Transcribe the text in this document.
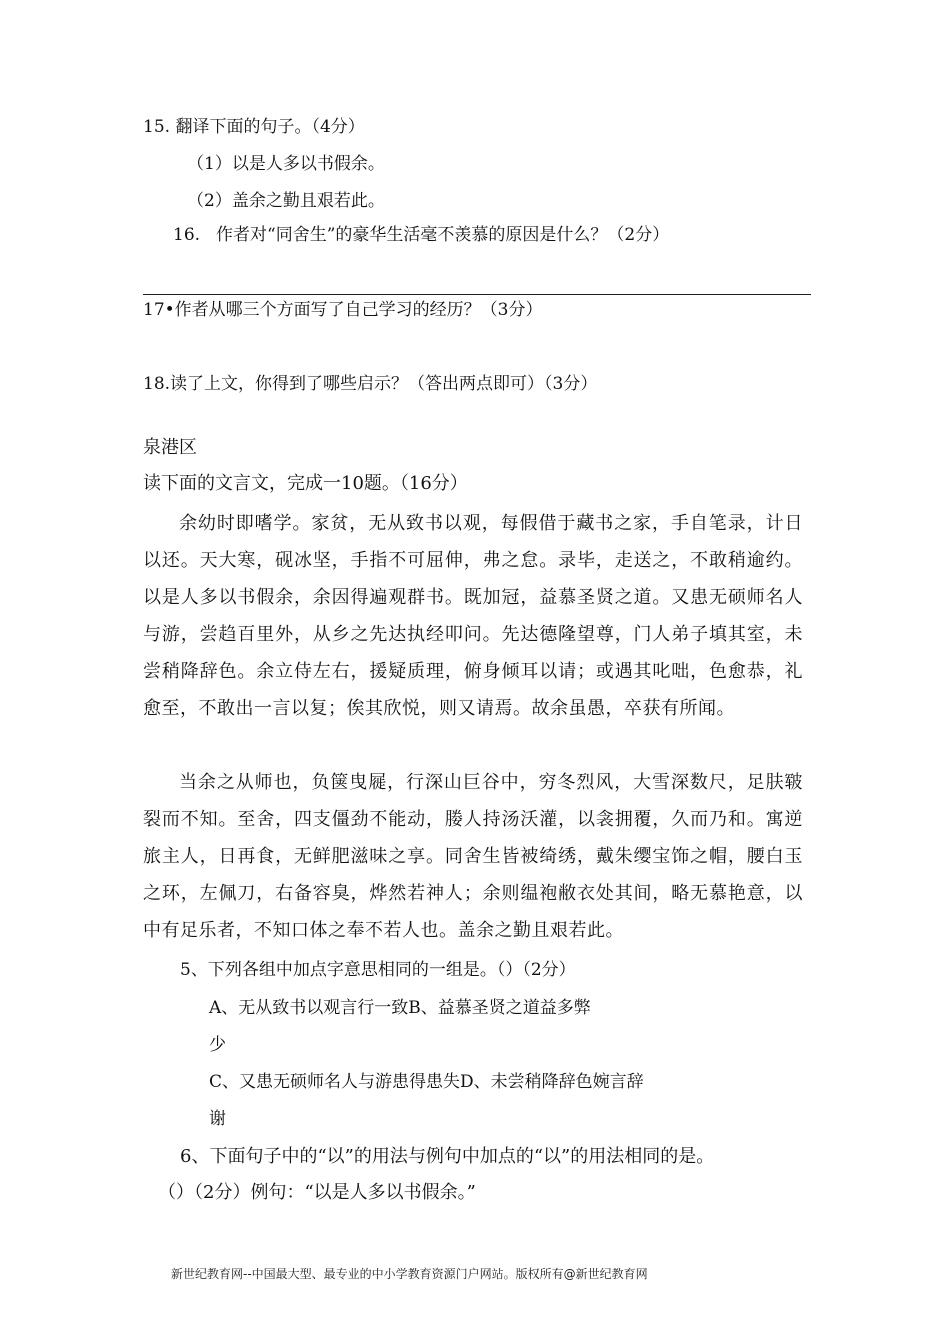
15. 翻译下面的句子。（4分）
（1）以是人多以书假余。
（2）盖余之勤且艰若此。
16. 作者对“同舍生”的豪华生活毫不羡慕的原因是什么？（2分）
17•作者从哪三个方面写了自己学习的经历？（3分）
18.读了上文，你得到了哪些启示？（答出两点即可）（3分）
泉港区
读下面的文言文，完成一10题。（16分）
余幼时即嗜学。家贫，无从致书以观，每假借于藏书之家，手自笔录，计日以还。天大寒，砚冰坚，手指不可屈伸，弗之怠。录毕，走送之，不敢稍逾约。以是人多以书假余，余因得遍观群书。既加冠，益慕圣贤之道。又患无硕师名人与游，尝趋百里外，从乡之先达执经叩问。先达德隆望尊，门人弟子填其室，未尝稍降辞色。余立侍左右，援疑质理，俯身倾耳以请；或遇其叱咄，色愈恭，礼愈至，不敢出一言以复；俟其欣悦，则又请焉。故余虽愚，卒获有所闻。
当余之从师也，负箧曳屣，行深山巨谷中，穷冬烈风，大雪深数尺，足肤皲裂而不知。至舍，四支僵劲不能动，媵人持汤沃灌，以衾拥覆，久而乃和。寓逆旅主人，日再食，无鲜肥滋味之享。同舍生皆被绮绣，戴朱缨宝饰之帽，腰白玉之环，左佩刀，右备容臭，烨然若神人；余则缊袍敝衣处其间，略无慕艳意，以中有足乐者，不知口体之奉不若人也。盖余之勤且艰若此。
5、下列各组中加点字意思相同的一组是。（）（2分）
A、无从致书以观言行一致B、益慕圣贤之道益多弊
少
C、又患无硕师名人与游患得患失D、未尝稍降辞色婉言辞
谢
6、下面句子中的“以”的用法与例句中加点的“以”的用法相同的是。
（）（2分）例句：“以是人多以书假余。”
新世纪教育网--中国最大型、最专业的中小学教育资源门户网站。版权所有@新世纪教育网
